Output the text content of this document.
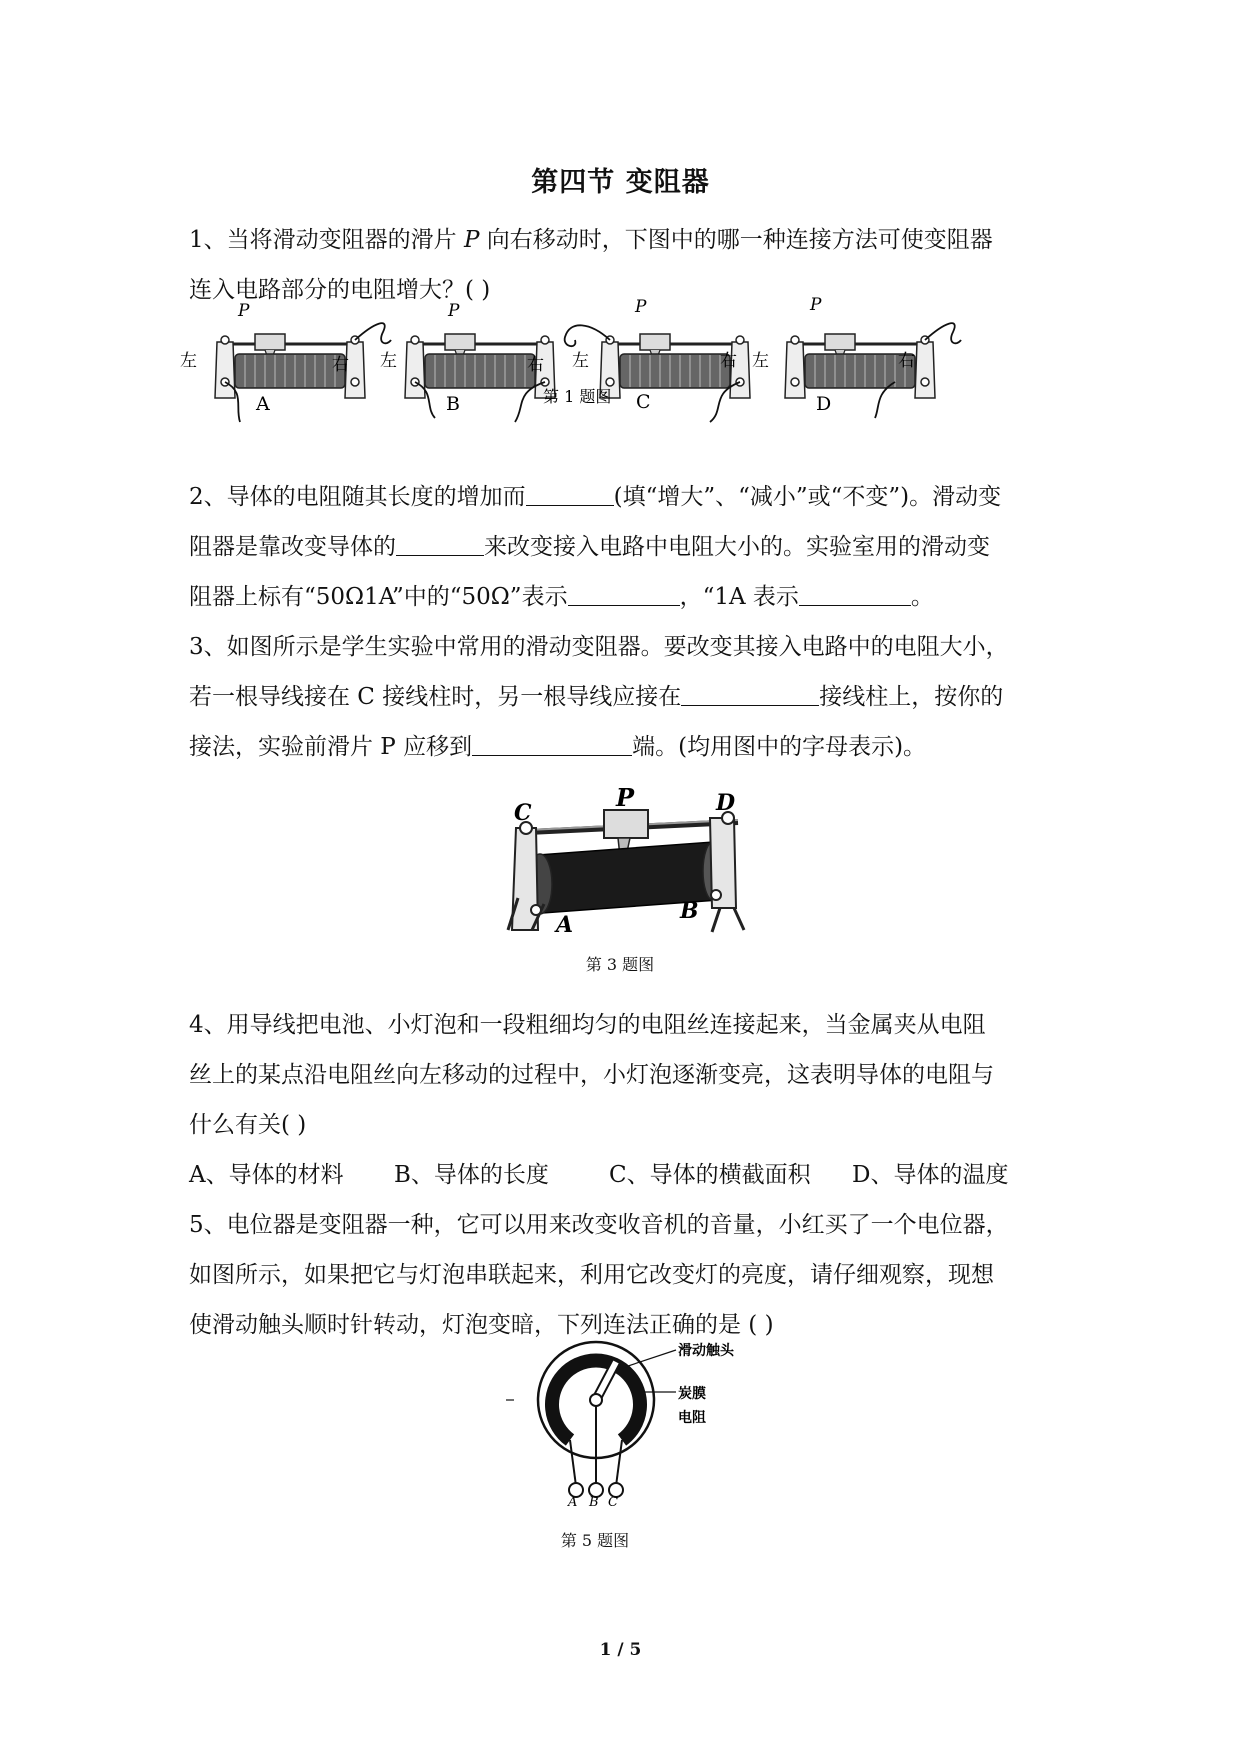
第四节 变阻器
1、当将滑动变阻器的滑片 P 向右移动时，下图中的哪一种连接方法可使变阻器
连入电路部分的电阻增大？( )
P
左	右
A
P
左	右
B
P
左	右
C
P
左	右
D
第 1 题图
2、导体的电阻随其长度的增加而	(填“增大”、“减小”或“不变”)。滑动变
阻器是靠改变导体的	来改变接入电路中电阻大小的。实验室用的滑动变
阻器上标有“50Ω1A”中的“50Ω”表示	，“1A 表示	。
3、如图所示是学生实验中常用的滑动变阻器。要改变其接入电路中的电阻大小，
若一根导线接在 C 接线柱时，另一根导线应接在	接线柱上，按你的
接法，实验前滑片 P 应移到	端。(均用图中的字母表示)。
P
C	D
A
B
第 3 题图
4、用导线把电池、小灯泡和一段粗细均匀的电阻丝连接起来，当金属夹从电阻
丝上的某点沿电阻丝向左移动的过程中，小灯泡逐渐变亮，这表明导体的电阻与
什么有关( )
A、导体的材料 B、导体的长度	C、导体的横截面积 D、导体的温度
5、电位器是变阻器一种，它可以用来改变收音机的音量，小红买了一个电位器，
如图所示，如果把它与灯泡串联起来，利用它改变灯的亮度，请仔细观察，现想
使滑动触头顺时针转动，灯泡变暗，下列连法正确的是 ( )
滑动触头
炭膜
电阻
A B C
第 5 题图
1 / 5
